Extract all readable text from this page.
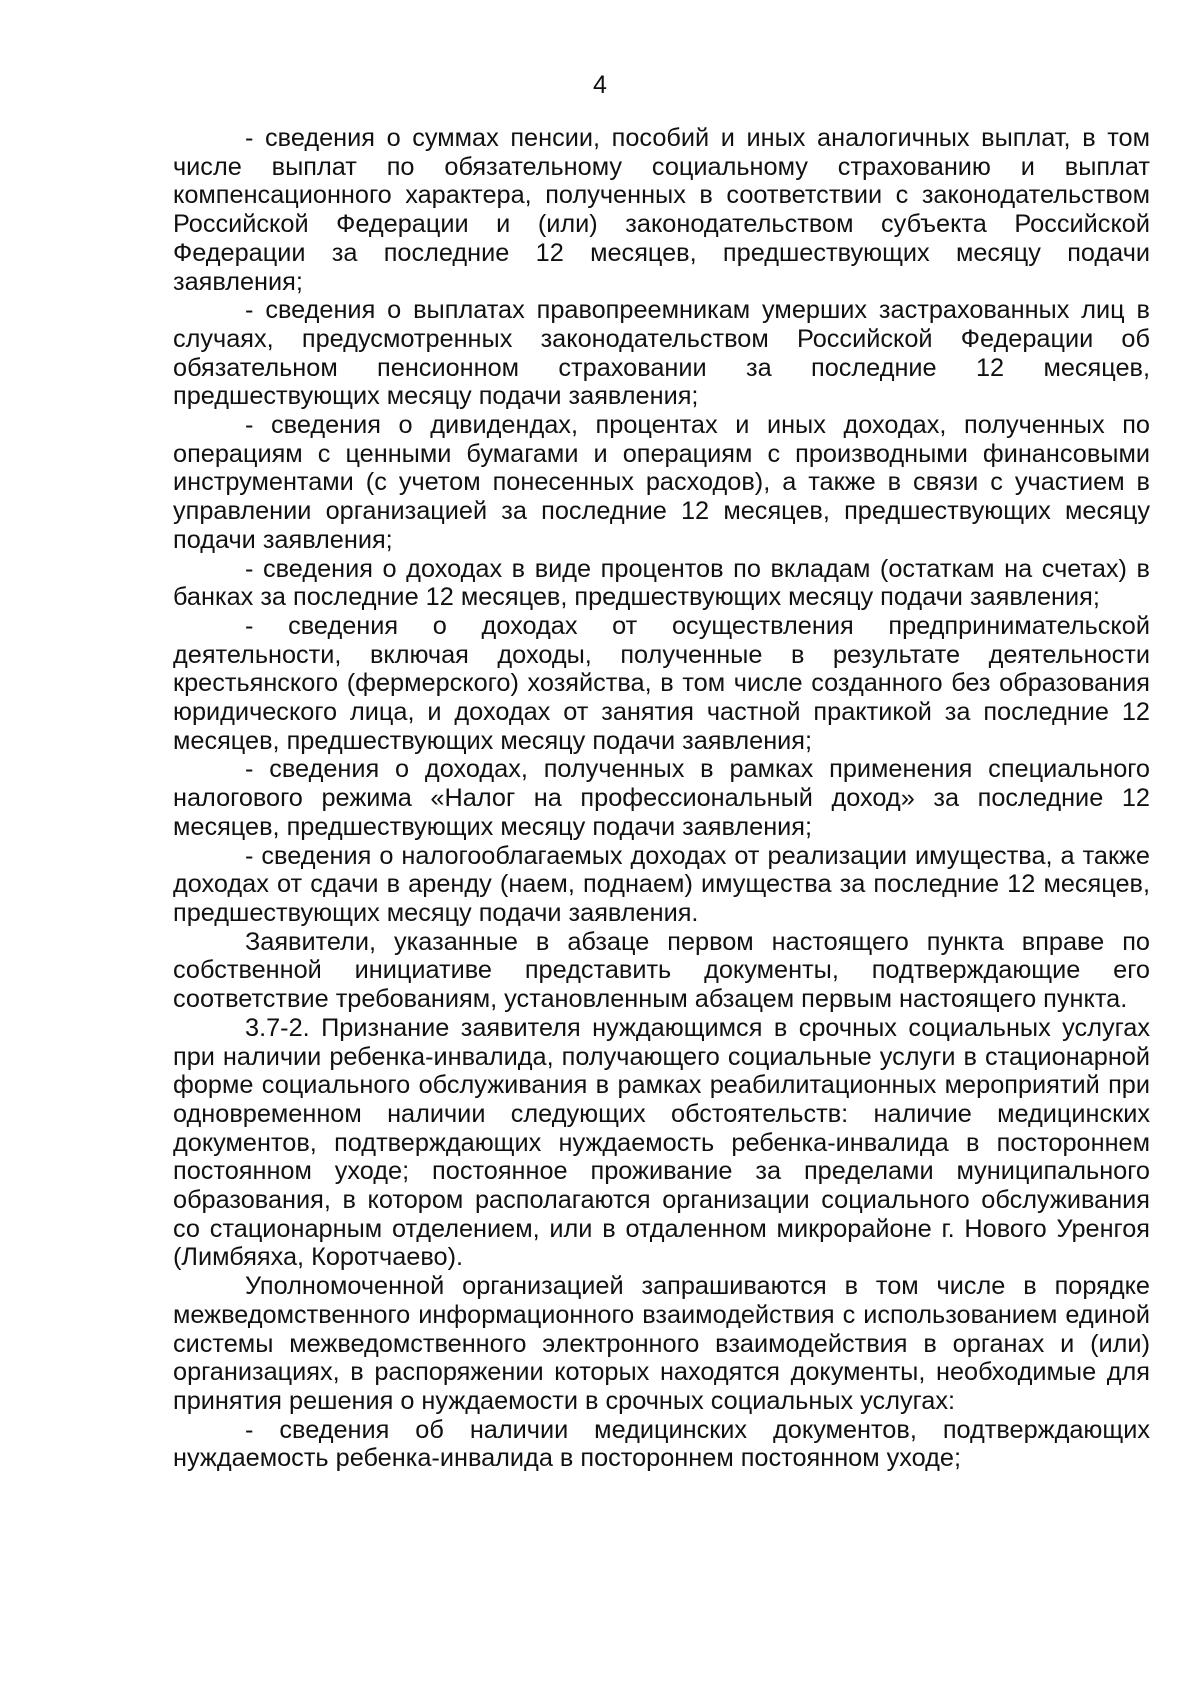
4

- сведения о суммах пенсии, пособий и иных аналогичных выплат, в том числе выплат по обязательному социальному страхованию и выплат компенсационного характера, полученных в соответствии с законодательством Российской Федерации и (или) законодательством субъекта Российской Федерации за последние 12 месяцев, предшествующих месяцу подачи заявления;

- сведения о выплатах правопреемникам умерших застрахованных лиц в случаях, предусмотренных законодательством Российской Федерации об обязательном пенсионном страховании за последние 12 месяцев, предшествующих месяцу подачи заявления;

- сведения о дивидендах, процентах и иных доходах, полученных по операциям с ценными бумагами и операциям с производными финансовыми инструментами (с учетом понесенных расходов), а также в связи с участием в управлении организацией за последние 12 месяцев, предшествующих месяцу подачи заявления;

- сведения о доходах в виде процентов по вкладам (остаткам на счетах) в банках за последние 12 месяцев, предшествующих месяцу подачи заявления;

- сведения о доходах от осуществления предпринимательской деятельности, включая доходы, полученные в результате деятельности крестьянского (фермерского) хозяйства, в том числе созданного без образования юридического лица, и доходах от занятия частной практикой за последние 12 месяцев, предшествующих месяцу подачи заявления;

- сведения о доходах, полученных в рамках применения специального налогового режима «Налог на профессиональный доход» за последние 12 месяцев, предшествующих месяцу подачи заявления;

- сведения о налогооблагаемых доходах от реализации имущества, а также доходах от сдачи в аренду (наем, поднаем) имущества за последние 12 месяцев, предшествующих месяцу подачи заявления.

Заявители, указанные в абзаце первом настоящего пункта вправе по собственной инициативе представить документы, подтверждающие его соответствие требованиям, установленным абзацем первым настоящего пункта.

3.7-2. Признание заявителя нуждающимся в срочных социальных услугах при наличии ребенка-инвалида, получающего социальные услуги в стационарной форме социального обслуживания в рамках реабилитационных мероприятий при одновременном наличии следующих обстоятельств: наличие медицинских документов, подтверждающих нуждаемость ребенка-инвалида в постороннем постоянном уходе; постоянное проживание за пределами муниципального образования, в котором располагаются организации социального обслуживания со стационарным отделением, или в отдаленном микрорайоне г. Нового Уренгоя (Лимбяяха, Коротчаево).

Уполномоченной организацией запрашиваются в том числе в порядке межведомственного информационного взаимодействия с использованием единой системы межведомственного электронного взаимодействия в органах и (или) организациях, в распоряжении которых находятся документы, необходимые для принятия решения о нуждаемости в срочных социальных услугах:

- сведения об наличии медицинских документов, подтверждающих нуждаемость ребенка-инвалида в постороннем постоянном уходе;
